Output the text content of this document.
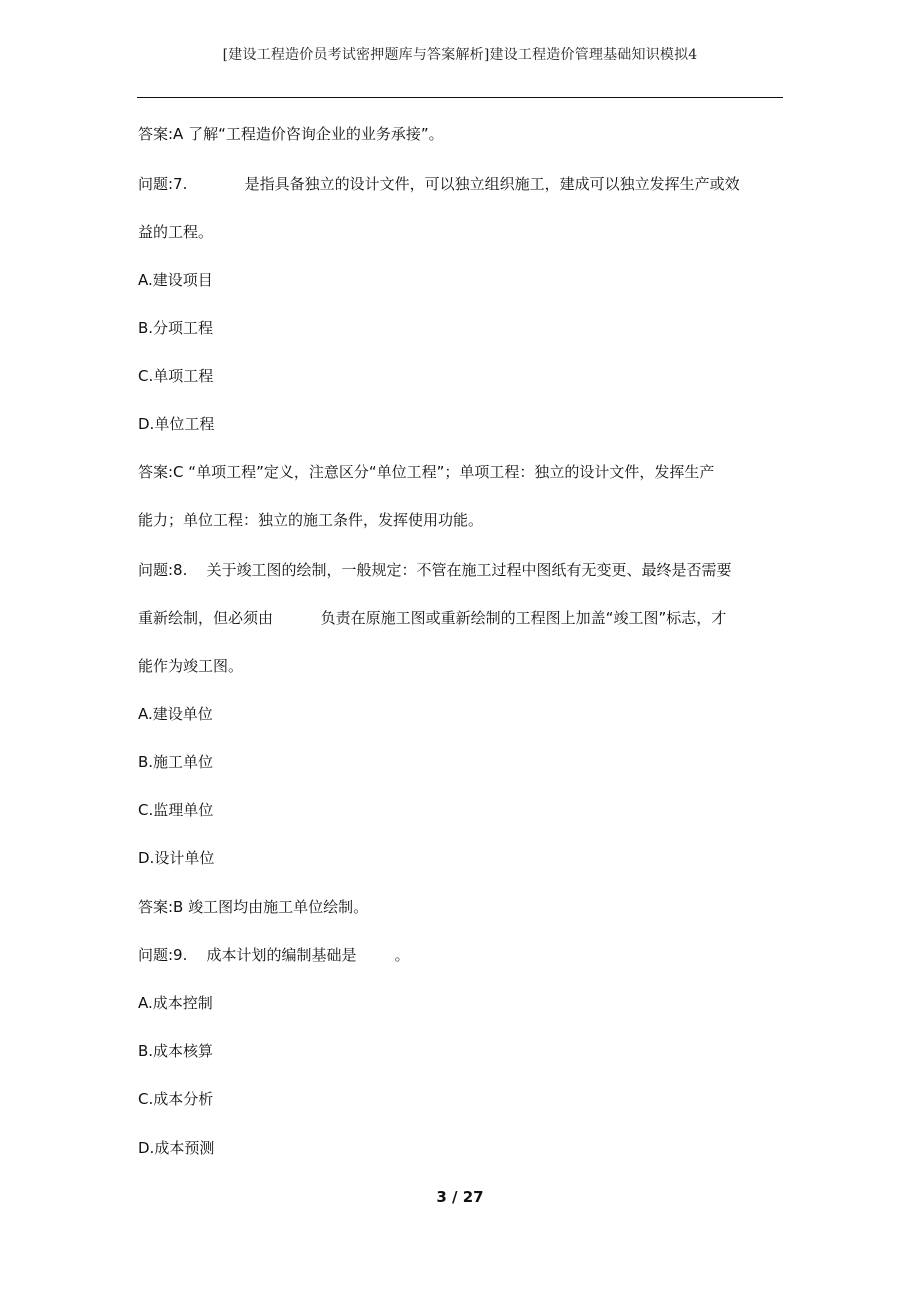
[建设工程造价员考试密押题库与答案解析]建设工程造价管理基础知识模拟4
答案:A 了解“工程造价咨询企业的业务承接”。
问题:7.            是指具备独立的设计文件，可以独立组织施工，建成可以独立发挥生产或效
益的工程。
A.建设项目
B.分项工程
C.单项工程
D.单位工程
答案:C “单项工程”定义，注意区分“单位工程”；单项工程：独立的设计文件，发挥生产
能力；单位工程：独立的施工条件，发挥使用功能。
问题:8.    关于竣工图的绘制，一般规定：不管在施工过程中图纸有无变更、最终是否需要
重新绘制，但必须由          负责在原施工图或重新绘制的工程图上加盖“竣工图”标志，才
能作为竣工图。
A.建设单位
B.施工单位
C.监理单位
D.设计单位
答案:B 竣工图均由施工单位绘制。
问题:9.    成本计划的编制基础是        。
A.成本控制
B.成本核算
C.成本分析
D.成本预测
3 / 27
